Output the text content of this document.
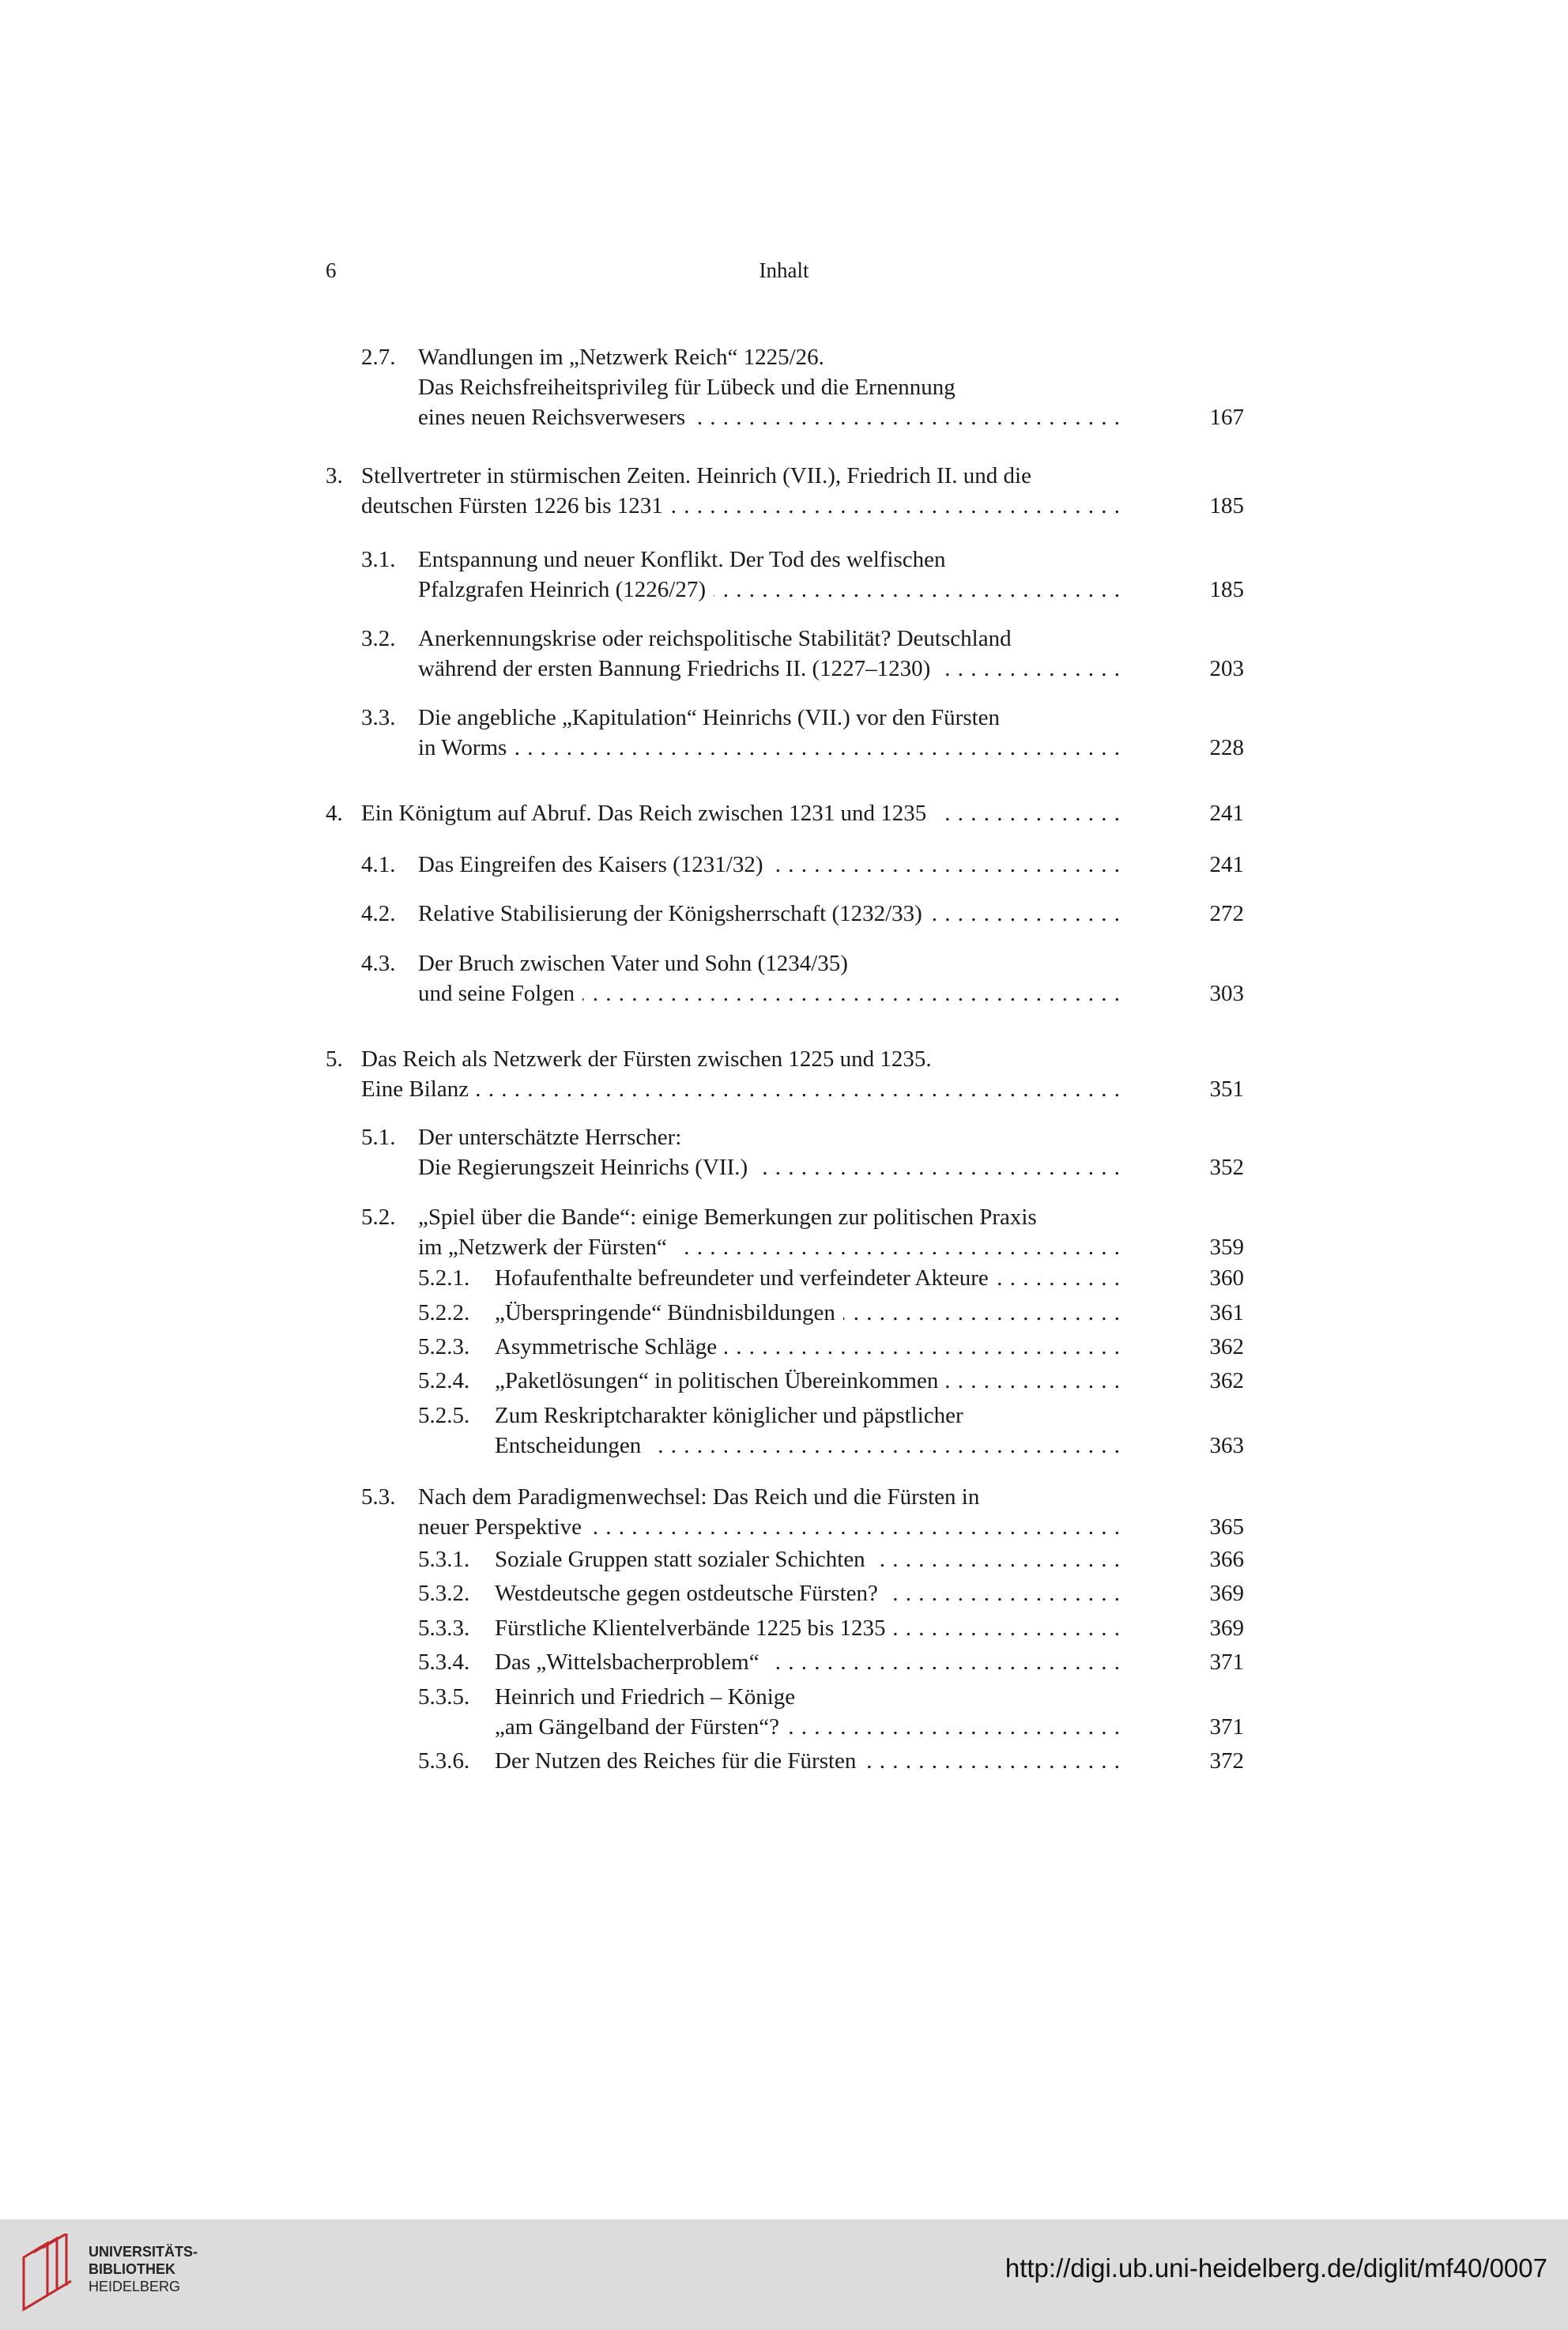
6	Inhalt
2.7. Wandlungen im „Netzwerk Reich“ 1225/26.
Das Reichsfreiheitsprivileg für Lübeck und die Ernennung
eines neuen Reichsverwesers . . .	167
3. Stellvertreter in stürmischen Zeiten. Heinrich (VII.), Friedrich II. und die
deutschen Fürsten 1226 bis 1231 . . .	185
3.1. Entspannung und neuer Konflikt. Der Tod des welfischen
Pfalzgrafen Heinrich (1226/27) . . .	185
3.2. Anerkennungskrise oder reichspolitische Stabilität? Deutschland
während der ersten Bannung Friedrichs II. (1227–1230) . . .	203
3.3. Die angebliche „Kapitulation“ Heinrichs (VII.) vor den Fürsten
in Worms . . .	228
4. Ein Königtum auf Abruf. Das Reich zwischen 1231 und 1235 . . .	241
4.1. Das Eingreifen des Kaisers (1231/32) . . .	241
4.2. Relative Stabilisierung der Königsherrschaft (1232/33) . . .	272
4.3. Der Bruch zwischen Vater und Sohn (1234/35)
und seine Folgen . . .	303
5. Das Reich als Netzwerk der Fürsten zwischen 1225 und 1235.
Eine Bilanz . . .	351
5.1. Der unterschätzte Herrscher:
Die Regierungszeit Heinrichs (VII.) . . .	352
5.2. „Spiel über die Bande“: einige Bemerkungen zur politischen Praxis
im „Netzwerk der Fürsten“ . . .	359
5.2.1. Hofaufenthalte befreundeter und verfeindeter Akteure . . .	360
5.2.2. „Überspringende“ Bündnisbildungen . . .	361
5.2.3. Asymmetrische Schläge . . .	362
5.2.4. „Paketlösungen“ in politischen Übereinkommen . . .	362
5.2.5. Zum Reskriptcharakter königlicher und päpstlicher
Entscheidungen . . .	363
5.3. Nach dem Paradigmenwechsel: Das Reich und die Fürsten in
neuer Perspektive . . .	365
5.3.1. Soziale Gruppen statt sozialer Schichten . . .	366
5.3.2. Westdeutsche gegen ostdeutsche Fürsten? . . .	369
5.3.3. Fürstliche Klientelverbände 1225 bis 1235 . . .	369
5.3.4. Das „Wittelsbacherproblem“ . . .	371
5.3.5. Heinrich und Friedrich – Könige
„am Gängelband der Fürsten“? . . .	371
5.3.6. Der Nutzen des Reiches für die Fürsten . . .	372
UNIVERSITÄTS-
BIBLIOTHEK
HEIDELBERG
http://digi.ub.uni-heidelberg.de/diglit/mf40/0007
